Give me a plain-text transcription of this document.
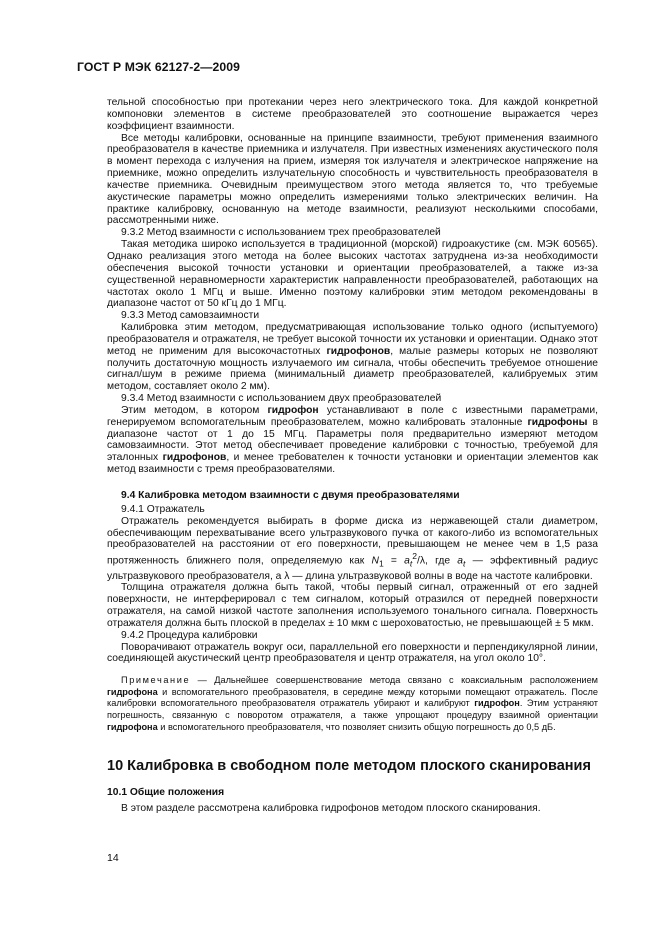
ГОСТ Р МЭК 62127-2—2009

тельной способностью при протекании через него электрического тока. Для каждой конкретной компоновки элементов в системе преобразователей это соотношение выражается через коэффициент взаимности.

Все методы калибровки, основанные на принципе взаимности, требуют применения взаимного преобразователя в качестве приемника и излучателя. При известных изменениях акустического поля в момент перехода с излучения на прием, измеряя ток излучателя и электрическое напряжение на приемнике, можно определить излучательную способность и чувствительность преобразователя в качестве приемника. Очевидным преимуществом этого метода является то, что требуемые акустические параметры можно определить измерениями только электрических величин. На практике калибровку, основанную на методе взаимности, реализуют несколькими способами, рассмотренными ниже.

9.3.2 Метод взаимности с использованием трех преобразователей

Такая методика широко используется в традиционной (морской) гидроакустике (см. МЭК 60565). Однако реализация этого метода на более высоких частотах затруднена из-за необходимости обеспечения высокой точности установки и ориентации преобразователей, а также из-за существенной неравномерности характеристик направленности преобразователей, работающих на частотах около 1 МГц и выше. Именно поэтому калибровки этим методом рекомендованы в диапазоне частот от 50 кГц до 1 МГц.

9.3.3 Метод самовзаимности

Калибровка этим методом, предусматривающая использование только одного (испытуемого) преобразователя и отражателя, не требует высокой точности их установки и ориентации. Однако этот метод не применим для высокочастотных гидрофонов, малые размеры которых не позволяют получить достаточную мощность излучаемого им сигнала, чтобы обеспечить требуемое отношение сигнал/шум в режиме приема (минимальный диаметр преобразователей, калибруемых этим методом, составляет около 2 мм).

9.3.4 Метод взаимности с использованием двух преобразователей

Этим методом, в котором гидрофон устанавливают в поле с известными параметрами, генерируемом вспомогательным преобразователем, можно калибровать эталонные гидрофоны в диапазоне частот от 1 до 15 МГц. Параметры поля предварительно измеряют методом самовзаимности. Этот метод обеспечивает проведение калибровки с точностью, требуемой для эталонных гидрофонов, и менее требователен к точности установки и ориентации элементов как метод взаимности с тремя преобразователями.

9.4 Калибровка методом взаимности с двумя преобразователями

9.4.1 Отражатель

Отражатель рекомендуется выбирать в форме диска из нержавеющей стали диаметром, обеспечивающим перехватывание всего ультразвукового пучка от какого-либо из вспомогательных преобразователей на расстоянии от его поверхности, превышающем не менее чем в 1,5 раза протяженность ближнего поля, определяемую как $N_1 = a_t^2/\lambda$, где $a_t$ — эффективный радиус ультразвукового преобразователя, а λ — длина ультразвуковой волны в воде на частоте калибровки.

Толщина отражателя должна быть такой, чтобы первый сигнал, отраженный от его задней поверхности, не интерферировал с тем сигналом, который отразился от передней поверхности отражателя, на самой низкой частоте заполнения используемого тонального сигнала. Поверхность отражателя должна быть плоской в пределах ± 10 мкм с шероховатостью, не превышающей ± 5 мкм.

9.4.2 Процедура калибровки

Поворачивают отражатель вокруг оси, параллельной его поверхности и перпендикулярной линии, соединяющей акустический центр преобразователя и центр отражателя, на угол около 10°.

Примечание — Дальнейшее совершенствование метода связано с коаксиальным расположением гидрофона и вспомогательного преобразователя, в середине между которыми помещают отражатель. После калибровки вспомогательного преобразователя отражатель убирают и калибруют гидрофон. Этим устраняют погрешность, связанную с поворотом отражателя, а также упрощают процедуру взаимной ориентации гидрофона и вспомогательного преобразователя, что позволяет снизить общую погрешность до 0,5 дБ.

10 Калибровка в свободном поле методом плоского сканирования

10.1 Общие положения

В этом разделе рассмотрена калибровка гидрофонов методом плоского сканирования.

14
